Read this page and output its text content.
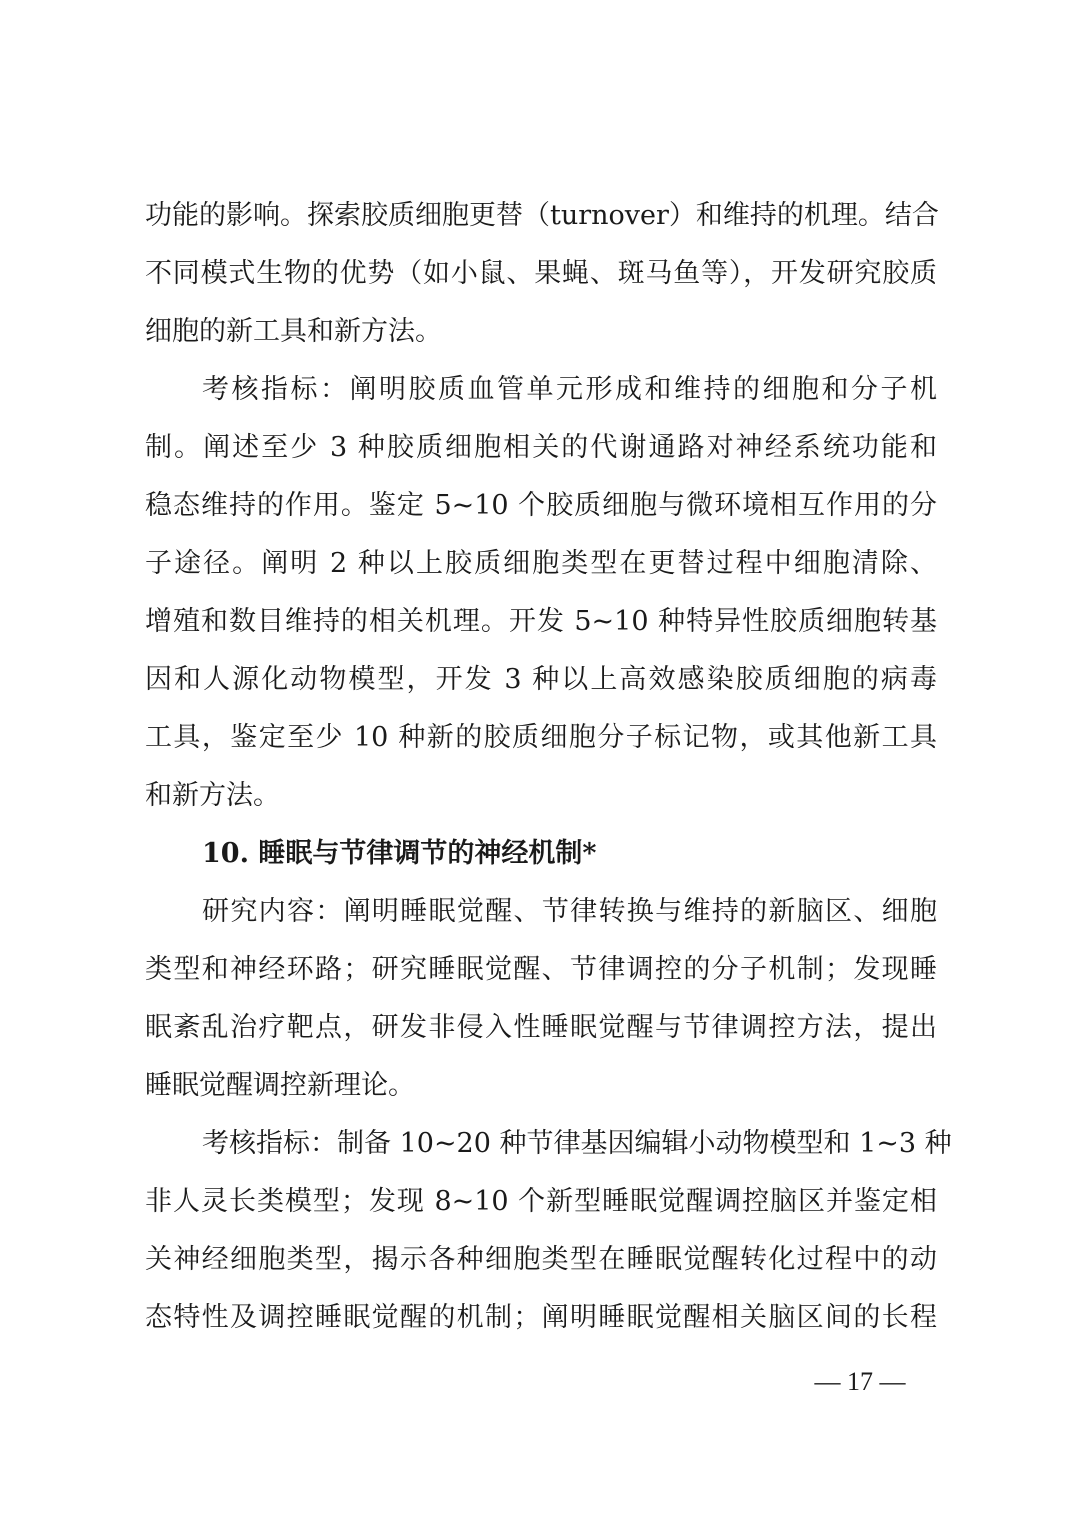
功能的影响。探索胶质细胞更替（turnover）和维持的机理。结合
不同模式生物的优势（如小鼠、果蝇、斑马鱼等），开发研究胶质
细胞的新工具和新方法。
考核指标：阐明胶质血管单元形成和维持的细胞和分子机
制。阐述至少 3 种胶质细胞相关的代谢通路对神经系统功能和
稳态维持的作用。鉴定 5~10 个胶质细胞与微环境相互作用的分
子途径。阐明 2 种以上胶质细胞类型在更替过程中细胞清除、
增殖和数目维持的相关机理。开发 5~10 种特异性胶质细胞转基
因和人源化动物模型，开发 3 种以上高效感染胶质细胞的病毒
工具，鉴定至少 10 种新的胶质细胞分子标记物，或其他新工具
和新方法。
10. 睡眠与节律调节的神经机制*
研究内容：阐明睡眠觉醒、节律转换与维持的新脑区、细胞
类型和神经环路；研究睡眠觉醒、节律调控的分子机制；发现睡
眠紊乱治疗靶点，研发非侵入性睡眠觉醒与节律调控方法，提出
睡眠觉醒调控新理论。
考核指标：制备 10~20 种节律基因编辑小动物模型和 1~3 种
非人灵长类模型；发现 8~10 个新型睡眠觉醒调控脑区并鉴定相
关神经细胞类型，揭示各种细胞类型在睡眠觉醒转化过程中的动
态特性及调控睡眠觉醒的机制；阐明睡眠觉醒相关脑区间的长程
— 17 —
